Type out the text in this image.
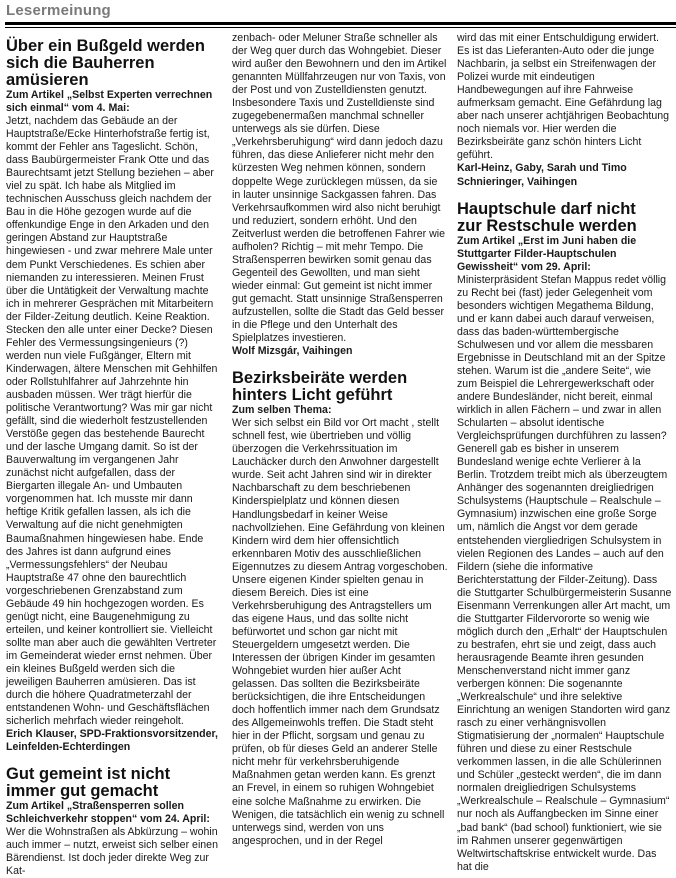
Lesermeinung
Über ein Bußgeld werden
sich die Bauherren amüsieren

Zum Artikel „Selbst Experten verrechnen sich einmal“ vom 4. Mai:

Jetzt, nachdem das Gebäude an der Hauptstraße/Ecke Hinterhofstraße fertig ist, kommt der Fehler ans Tageslicht. Schön, dass Baubürgermeister Frank Otte und das Baurechtsamt jetzt Stellung beziehen – aber viel zu spät. Ich habe als Mitglied im technischen Ausschuss gleich nachdem der Bau in die Höhe gezogen wurde auf die offenkundige Enge in den Arkaden und den geringen Abstand zur Hauptstraße hingewiesen - und zwar mehrere Male unter dem Punkt Verschiedenes. Es schien aber niemanden zu interessieren. Meinen Frust über die Untätigkeit der Verwaltung machte ich in mehrerer Gesprächen mit Mitarbeitern der Filder-Zeitung deutlich. Keine Reaktion. Stecken den alle unter einer Decke? Diesen Fehler des Vermessungsingenieurs (?) werden nun viele Fußgänger, Eltern mit Kinderwagen, ältere Menschen mit Gehhilfen oder Rollstuhlfahrer auf Jahrzehnte hin ausbaden müssen. Wer trägt hierfür die politische Verantwortung? Was mir gar nicht gefällt, sind die wiederholt festzustellenden Verstöße gegen das bestehende Baurecht und der lasche Umgang damit. So ist der Bauverwaltung im vergangenen Jahr zunächst nicht aufgefallen, dass der Biergarten illegale An- und Umbauten vorgenommen hat. Ich musste mir dann heftige Kritik gefallen lassen, als ich die Verwaltung auf die nicht genehmigten Baumaßnahmen hingewiesen habe. Ende des Jahres ist dann aufgrund eines „Vermessungsfehlers“ der Neubau Hauptstraße 47 ohne den baurechtlich vorgeschriebenen Grenzabstand zum Gebäude 49 hin hochgezogen worden. Es genügt nicht, eine Baugenehmigung zu erteilen, und keiner kontrolliert sie. Vielleicht sollte man aber auch die gewählten Vertreter im Gemeinderat wieder ernst nehmen. Über ein kleines Bußgeld werden sich die jeweiligen Bauherren amüsieren. Das ist durch die höhere Quadratmeterzahl der entstandenen Wohn- und Geschäftsflächen sicherlich mehrfach wieder reingeholt.

Erich Klauser, SPD-Fraktionsvorsitzender, Leinfelden-Echterdingen

Gut gemeint ist nicht
immer gut gemacht

Zum Artikel „Straßensperren sollen Schleichverkehr stoppen“ vom 24. April:

Wer die Wohnstraßen als Abkürzung – wohin auch immer – nutzt, erweist sich selber einen Bärendienst. Ist doch jeder direkte Weg zur Kat-

zenbach- oder Meluner Straße schneller als der Weg quer durch das Wohngebiet. Dieser wird außer den Bewohnern und den im Artikel genannten Müllfahrzeugen nur von Taxis, von der Post und von Zustelldiensten genutzt. Insbesondere Taxis und Zustelldienste sind zugegebenermaßen manchmal schneller unterwegs als sie dürfen. Diese „Verkehrsberuhigung“ wird dann jedoch dazu führen, das diese Anlieferer nicht mehr den kürzesten Weg nehmen können, sondern doppelte Wege zurücklegen müssen, da sie in lauter unsinnige Sackgassen fahren. Das Verkehrsaufkommen wird also nicht beruhigt und reduziert, sondern erhöht. Und den Zeitverlust werden die betroffenen Fahrer wie aufholen? Richtig – mit mehr Tempo. Die Straßensperren bewirken somit genau das Gegenteil des Gewollten, und man sieht wieder einmal: Gut gemeint ist nicht immer gut gemacht. Statt unsinnige Straßensperren aufzustellen, sollte die Stadt das Geld besser in die Pflege und den Unterhalt des Spielplatzes investieren.

Wolf Mizsgár, Vaihingen

Bezirksbeiräte werden
hinters Licht geführt

Zum selben Thema:

Wer sich selbst ein Bild vor Ort macht , stellt schnell fest, wie übertrieben und völlig überzogen die Verkehrssituation im Lauchäcker durch den Anwohner dargestellt wurde. Seit acht Jahren sind wir in direkter Nachbarschaft zu dem beschriebenen Kinderspielplatz und können diesen Handlungsbedarf in keiner Weise nachvollziehen. Eine Gefährdung von kleinen Kindern wird dem hier offensichtlich erkennbaren Motiv des ausschließlichen Eigennutzes zu diesem Antrag vorgeschoben. Unsere eigenen Kinder spielten genau in diesem Bereich. Dies ist eine Verkehrsberuhigung des Antragstellers um das eigene Haus, und das sollte nicht befürwortet und schon gar nicht mit Steuergeldern umgesetzt werden. Die Interessen der übrigen Kinder im gesamten Wohngebiet wurden hier außer Acht gelassen. Das sollten die Bezirksbeiräte berücksichtigen, die ihre Entscheidungen doch hoffentlich immer nach dem Grundsatz des Allgemeinwohls treffen. Die Stadt steht hier in der Pflicht, sorgsam und genau zu prüfen, ob für dieses Geld an anderer Stelle nicht mehr für verkehrsberuhigende Maßnahmen getan werden kann. Es grenzt an Frevel, in einem so ruhigen Wohngebiet eine solche Maßnahme zu erwirken. Die Wenigen, die tatsächlich ein wenig zu schnell unterwegs sind, werden von uns angesprochen, und in der Regel

wird das mit einer Entschuldigung erwidert. Es ist das Lieferanten-Auto oder die junge Nachbarin, ja selbst ein Streifenwagen der Polizei wurde mit eindeutigen Handbewegungen auf ihre Fahrweise aufmerksam gemacht. Eine Gefährdung lag aber nach unserer achtjährigen Beobachtung noch niemals vor. Hier werden die Bezirksbeiräte ganz schön hinters Licht geführt.

Karl-Heinz, Gaby, Sarah und Timo Schnieringer, Vaihingen

Hauptschule darf nicht
zur Restschule werden

Zum Artikel „Erst im Juni haben die Stuttgarter Filder-Hauptschulen Gewissheit“ vom 29. April:

Ministerpräsident Stefan Mappus redet völlig zu Recht bei (fast) jeder Gelegenheit vom besonders wichtigen Megathema Bildung, und er kann dabei auch darauf verweisen, dass das baden-württembergische Schulwesen und vor allem die messbaren Ergebnisse in Deutschland mit an der Spitze stehen. Warum ist die „andere Seite“, wie zum Beispiel die Lehrergewerkschaft oder andere Bundesländer, nicht bereit, einmal wirklich in allen Fächern – und zwar in allen Schularten – absolut identische Vergleichsprüfungen durchführen zu lassen? Generell gab es bisher in unserem Bundesland wenige echte Verlierer à la Berlin. Trotzdem treibt mich als überzeugtem Anhänger des sogenannten dreigliedrigen Schulsystems (Hauptschule – Realschule – Gymnasium) inzwischen eine große Sorge um, nämlich die Angst vor dem gerade entstehenden viergliedrigen Schulsystem in vielen Regionen des Landes – auch auf den Fildern (siehe die informative Berichterstattung der Filder-Zeitung). Dass die Stuttgarter Schulbürgermeisterin Susanne Eisenmann Verrenkungen aller Art macht, um die Stuttgarter Fildervororte so wenig wie möglich durch den „Erhalt“ der Hauptschulen zu bestrafen, ehrt sie und zeigt, dass auch herausragende Beamte ihren gesunden Menschenverstand nicht immer ganz verbergen können: Die sogenannte „Werkrealschule“ und ihre selektive Einrichtung an wenigen Standorten wird ganz rasch zu einer verhängnisvollen Stigmatisierung der „normalen“ Hauptschule führen und diese zu einer Restschule verkommen lassen, in die alle Schülerinnen und Schüler „gesteckt werden“, die im dann normalen dreigliedrigen Schulsystems „Werkrealschule – Realschule – Gymnasium“ nur noch als Auffangbecken im Sinne einer „bad bank“ (bad school) funktioniert, wie sie im Rahmen unserer gegenwärtigen Weltwirtschaftskrise entwickelt wurde. Das hat die
